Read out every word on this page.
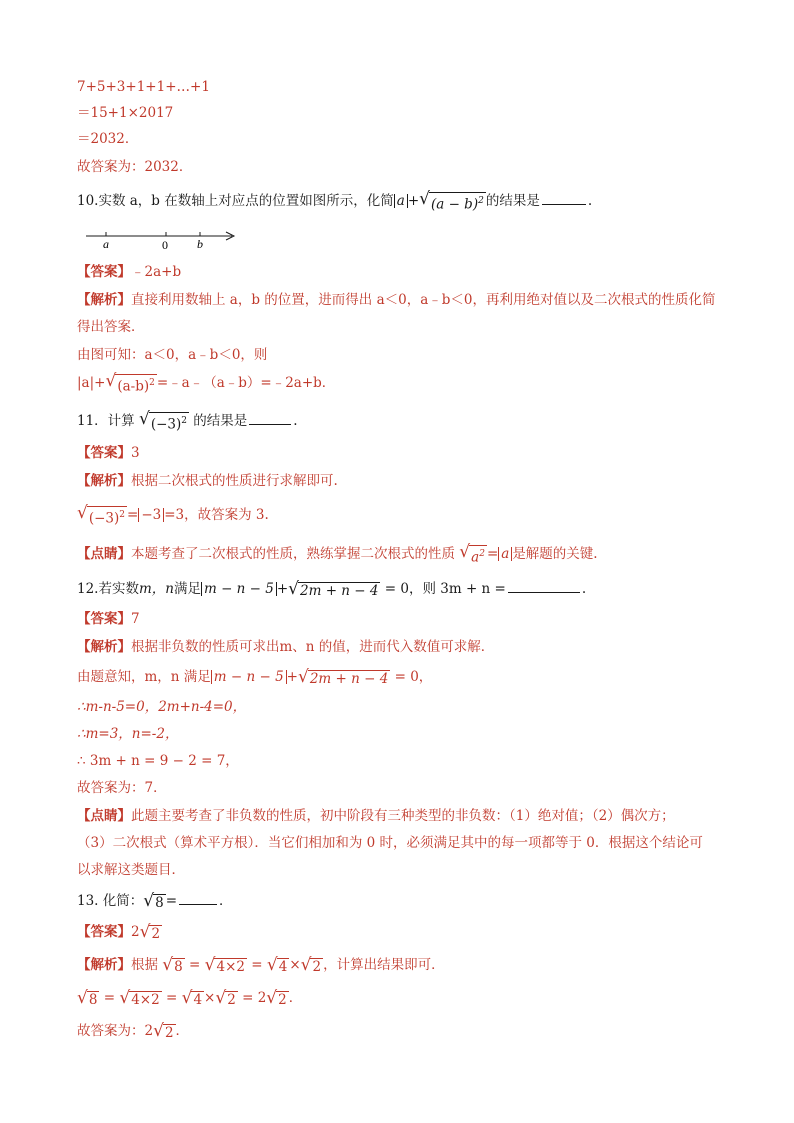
7+5+3+1+1+…+1
＝15+1×2017
＝2032．
故答案为：2032．
10.实数 a，b 在数轴上对应点的位置如图所示，化简 a + √ $(a - b)^2$ 的结果是	.
a	0 b
【答案】﹣2a+b
【解析】直接利用数轴上 a，b 的位置，进而得出 a＜0，a﹣b＜0，再利用绝对值以及二次根式的性质化简
得出答案．
由图可知：a＜0，a﹣b＜0，则
|a|+ √ $(a-b)^2$ =﹣a﹣（a﹣b）=﹣2a+b．
11．计算 √ $(-3)^2$ 的结果是	.
【答案】3
【解析】根据二次根式的性质进行求解即可.
√ $(-3)^2 = -3 =3$，故答案为 3.
【点睛】本题考查了二次根式的性质，熟练掌握二次根式的性质 √ $a^2 = a$ 是解题的关键.
12.若实数m，n满足 m − n − 5 + √ 2m + n − 4 = 0，则 3m + n =	.
【答案】7
【解析】根据非负数的性质可求出m、n 的值，进而代入数值可求解．
由题意知，m，n 满足 m − n − 5 + √ 2m + n − 4 = 0，
∴m-n-5=0，2m+n-4=0，
∴m=3，n=-2，
∴ 3m + n = 9 − 2 = 7，
故答案为：7．
【点睛】此题主要考查了非负数的性质，初中阶段有三种类型的非负数：（1）绝对值；（2）偶次方；
（3）二次根式（算术平方根）．当它们相加和为 0 时，必须满足其中的每一项都等于 0．根据这个结论可
以求解这类题目．
13. 化简： √ 8 =	．
【答案】2 √ 2
【解析】根据 √ 8 = √ 4×2 = √ 4 × √ 2 ，计算出结果即可．
√ 8 = √ 4×2 = √ 4 × √ 2 = 2 √ 2 ．
故答案为：2 √ 2 ．
